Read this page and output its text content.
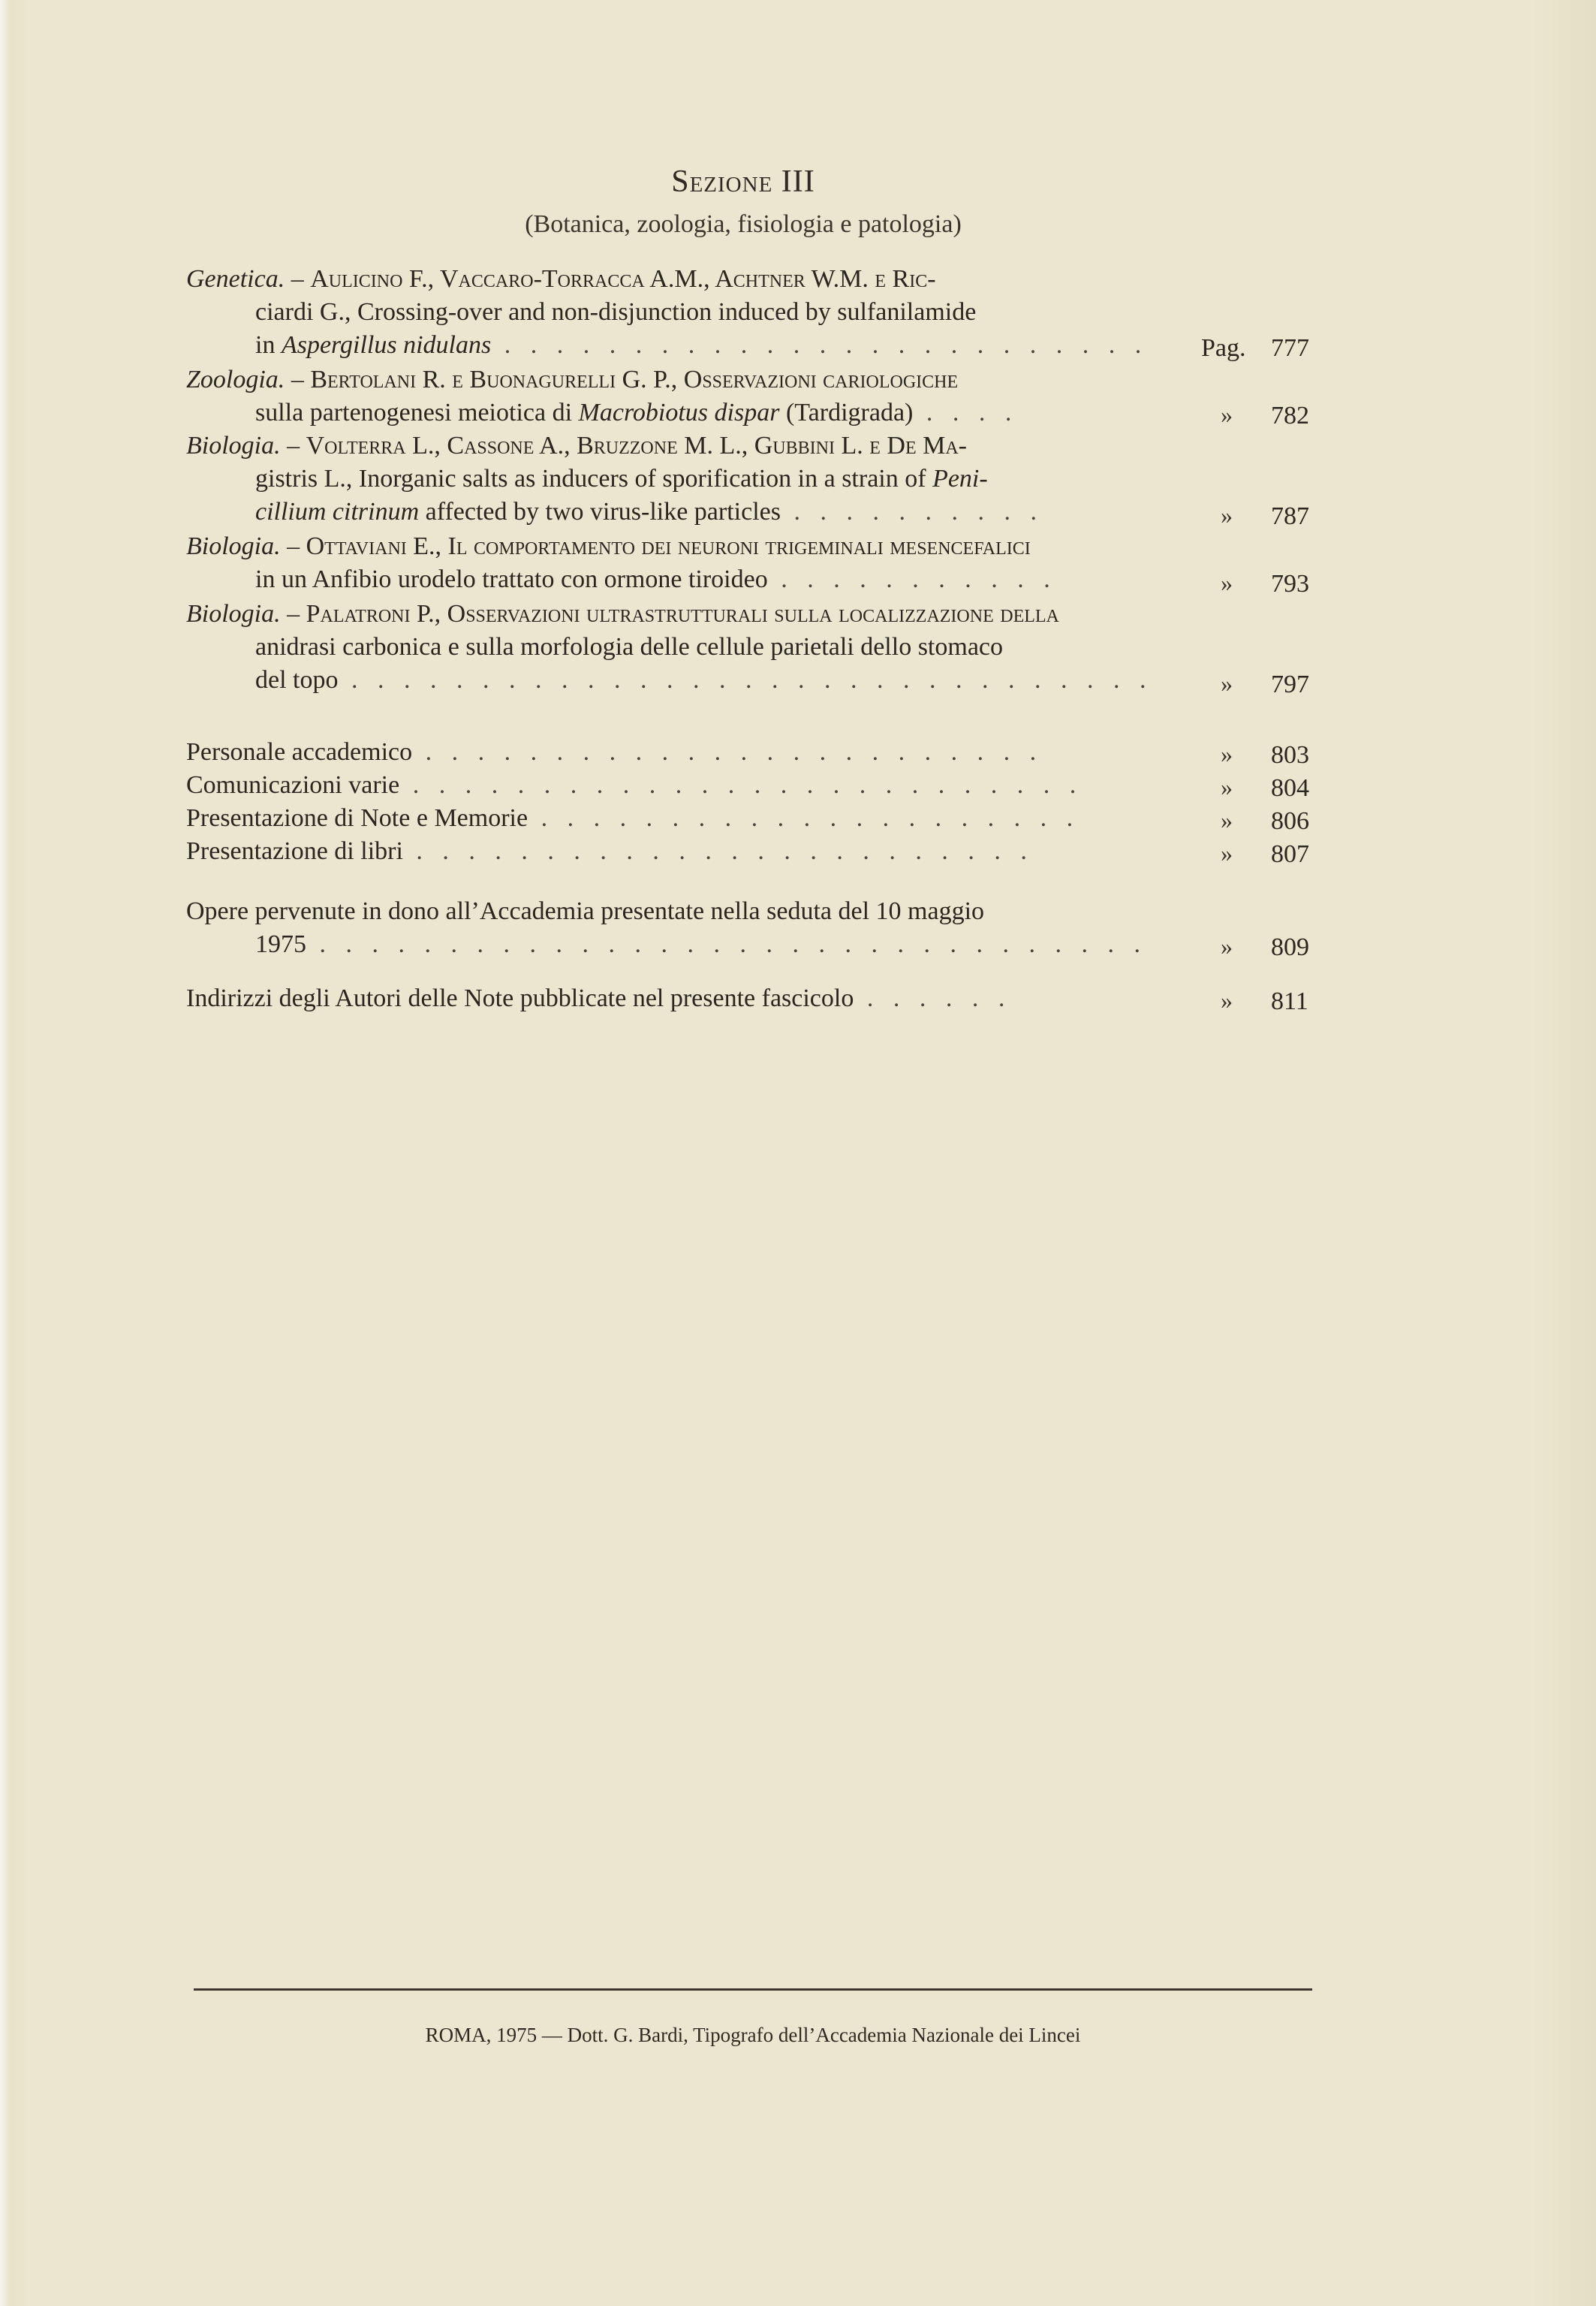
Sezione III
(Botanica, zoologia, fisiologia e patologia)
Genetica. – Aulicino F., Vaccaro-Torracca A.M., Achtner W.M. e Ric-
ciardi G., Crossing-over and non-disjunction induced by sulfanilamide
in Aspergillus nidulans . . . . . . . . . . . . . . . . . . . . . . . . . Pag. 777
Zoologia. – Bertolani R. e Buonagurelli G. P., Osservazioni cariologiche
sulla partenogenesi meiotica di Macrobiotus dispar (Tardigrada) . . . .	» 782
Biologia. – Volterra L., Cassone A., Bruzzone M. L., Gubbini L. e De Ma-
gistris L., Inorganic salts as inducers of sporification in a strain of Peni-
cillium citrinum affected by two virus-like particles . . . . . . . . . .	» 787
Biologia. – Ottaviani E., Il comportamento dei neuroni trigeminali mesencefalici
in un Anfibio urodelo trattato con ormone tiroideo . . . . . . . . . . .	» 793
Biologia. – Palatroni P., Osservazioni ultrastrutturali sulla localizzazione della
anidrasi carbonica e sulla morfologia delle cellule parietali dello stomaco
del topo . . . . . . . . . . . . . . . . . . . . . . . . . . . . . . .	» 797
Personale accademico . . . . . . . . . . . . . . . . . . . . . . . .	» 803
Comunicazioni varie . . . . . . . . . . . . . . . . . . . . . . . . . .	» 804
Presentazione di Note e Memorie . . . . . . . . . . . . . . . . . . . . .	» 806
Presentazione di libri . . . . . . . . . . . . . . . . . . . . . . . .	» 807
Opere pervenute in dono all’Accademia presentate nella seduta del 10 maggio
1975 . . . . . . . . . . . . . . . . . . . . . . . . . . . . . . . .	» 809
Indirizzi degli Autori delle Note pubblicate nel presente fascicolo . . . . . .	» 811
ROMA, 1975 — Dott. G. Bardi, Tipografo dell’Accademia Nazionale dei Lincei
